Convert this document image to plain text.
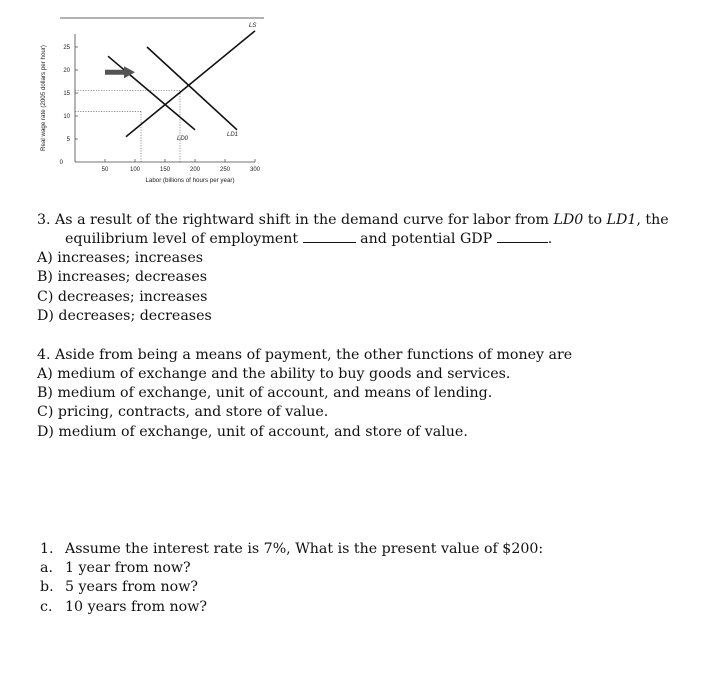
Real wage rate (2005 dollars per hour)	5
10
15
20
25
50	100	150	200	250	300
0
LS
LD0
LD1
Labor (billions of hours per year)
3. As a result of the rightward shift in the demand curve for labor from LD0 to LD1, the
equilibrium level of employment	and potential GDP	.
A) increases; increases
B) increases; decreases
C) decreases; increases
D) decreases; decreases
4. Aside from being a means of payment, the other functions of money are
A) medium of exchange and the ability to buy goods and services.
B) medium of exchange, unit of account, and means of lending.
C) pricing, contracts, and store of value.
D) medium of exchange, unit of account, and store of value.
1. Assume the interest rate is 7%, What is the present value of $200:
a. 1 year from now?
b. 5 years from now?
c. 10 years from now?
